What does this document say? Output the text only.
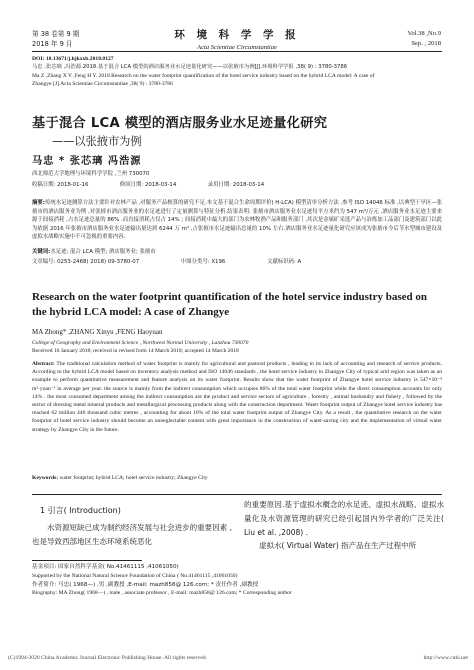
第 38 卷第 9 期
2018 年 9 月
环 境 科 学 学 报
Acta Scientiae Circumstantiae
Vol.38 ,No.9
Sep. , 2018
DOI: 10.13671/j.hjkxxb.2018.0127
马忠 ,张芯璃 ,冯浩源.2018.基于混合 LCA 模型的酒店服务业水足迹量化研究——以张掖市为例[J].环境科学学报 ,38( 9) : 3780-3786
Ma Z ,Zhang X Y ,Feng H Y. 2018.Research on the water footprint quantification of the hotel service industry based on the hybrid LCA model: A case of
Zhangye [J].Acta Scientiae Circumstantiae ,38( 9) : 3780-3786
基于混合 LCA 模型的酒店服务业水足迹量化研究
——以张掖市为例
马忠 * 张芯璃 冯浩源
西北师范大学地理与环境科学学院 ,兰州 730070
收稿日期: 2018-01-16	修回日期: 2018-03-14	录用日期: 2018-03-14
摘要:传统水足迹测算方法主要针对农林产品 ,对服务产品核算的研究不足.本文基于混合生命周期评价( H-LCA) 模型清单分析方法 ,参考 ISO 14046 标准 ,以典型干旱区—张掖市的酒店服务业为例 ,对张掖市酒店服务业的水足迹进行了定量测算与特征分析.结果表明: 张掖市酒店服务业水足迹每平方米约为 547 m³/万元 ,酒店服务业水足迹主要来源于间接消耗 ,占水足迹总量的 86% .而直接消耗占仅占 14% ; 间接消耗中最大的部门为农林牧渔产品和服务部门 ,其次是金属矿采选产品与冶炼加工品部门及建筑部门以此为依据 2016 年张掖市酒店服务业水足迹输出量达到 6244 万 m³ ,占张掖市水足迹输出总量的 10% 左右.酒店服务业水足迹量化研究应该成为张掖市今后节水型城市建设及虚拟水战略实施中不可忽视的重要内容.
关键词:水足迹; 混合 LCA 模型; 酒店服务业; 张掖市
文章编号: 0253-2468( 2018) 09-3780-07	中图分类号: X196	文献标识码: A
Research on the water footprint quantification of the hotel service industry based on the hybrid LCA model: A case of Zhangye
MA Zhong* ,ZHANG Xinyu ,FENG Haoyuan
College of Geography and Environment Science , Northwest Normal University , Lanzhou 730070
Received 16 January 2018; received in revised form 14 March 2018; accepted 14 March 2018
Abstract: The traditional calculation method of water footprint is mainly for agricultural and pastoral products , leading to its lack of accounting and research of service products. According to the hybrid LCA model based on inventory analysis method and ISO 14046 standards , the hotel service industry in Zhangye City of typical arid region was taken as an example to perform quantitative measurement and feature analysis on its water footprint. Results show that the water footprint of Zhangye hotel service industry is 547×10⁻⁴ m³·yuan⁻¹ in average per year. the source is mainly from the indirect consumption which occupies 86% of the total water footprint while the direct consumption accounts for only 14% . the most consumed department among the indirect consumption are the product and service sectors of agriculture , forestry , animal husbandry and fishery , followed by the sector of dressing metal mineral products and metallurgical processing products along with the construction department. Water footprint output of Zhangye hotel service industry has reached 62 million 440 thousand cubic metres , accounting for about 10% of the total water footprint output of Zhangye City. As a result , the quantitative research on the water footprint of hotel service industry should become an unneglectable content with great importance in the construction of water-saving city and the implementation of virtual water strategy by Zhangye City in the future.
Keywords: water footprint; hybrid LCA; hotel service industry; Zhangye City
1 引言( Introduction)
水资源短缺已成为制约经济发展与社会进步的重要因素 ,也是导致西部地区生态环境系统恶化
的重要原因.基于虚拟水概念的水足迹、虚拟水战略、虚拟水量化及水资源管理的研究已经引起国内外学者的广泛关注( Liu et al. ,2008) .
虚拟水( Virtual Water) 指产品在生产过程中所
基金项目: 国家自然科学基金( No.41461115 ,41061050)
Supported by the National Natural Science Foundation of China ( No.41461115 ,41061050)
作者简介: 马忠( 1968—) ,男 ,副教授 ,E-mail: mazh858@ 126.com; * 责任作者 ,副教授
Biography: MA Zhong( 1968—) , male , associate professor , E-mail: mazh858@ 126.com; * Corresponding author
(C)1994-2020 China Academic Journal Electronic Publishing House. All rights reserved.	http://www.cnki.net
